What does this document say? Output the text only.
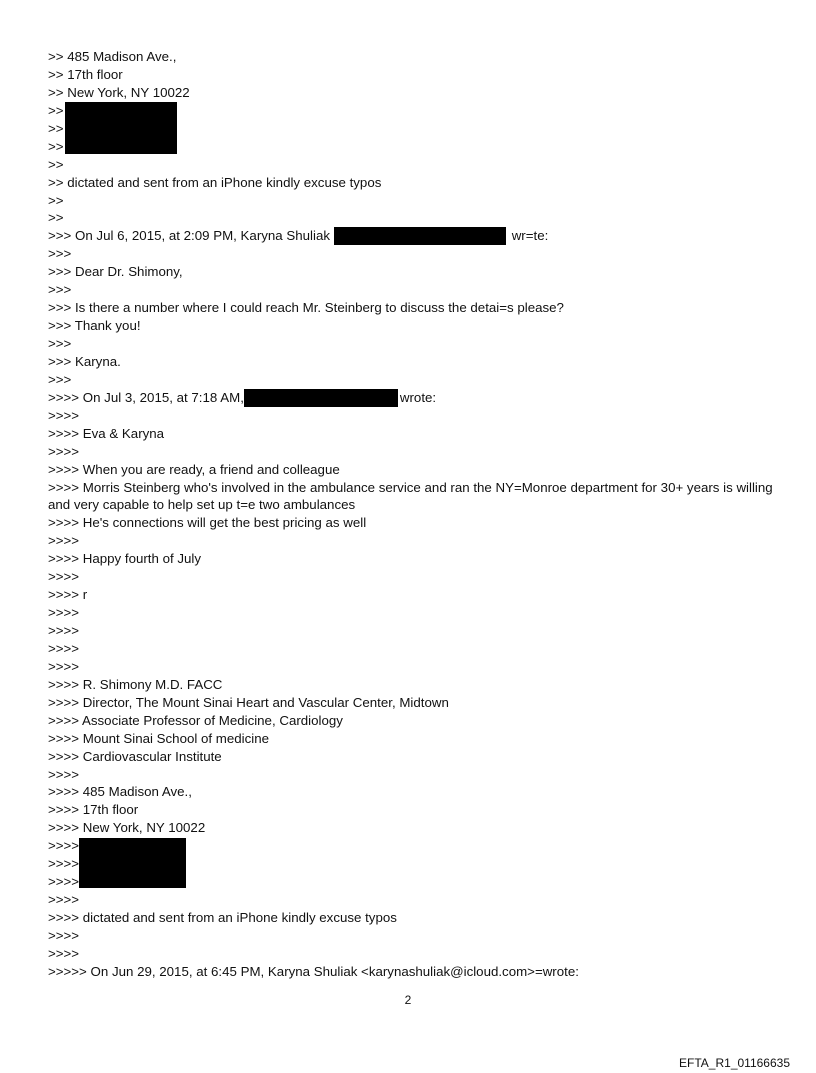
>> 485 Madison Ave.,
>> 17th floor
>> New York, NY 10022
>>
>>
>>
>>
>> dictated and sent from an iPhone kindly excuse typos
>>
>>
>>> On Jul 6, 2015, at 2:09 PM, Karyna Shuliak	wr=te:
>>>
>>> Dear Dr. Shimony,
>>>
>>> Is there a number where I could reach Mr. Steinberg to discuss the detai=s please?
>>> Thank you!
>>>
>>> Karyna.
>>>
>>>> On Jul 3, 2015, at 7:18 AM,	wrote:
>>>>
>>>> Eva & Karyna
>>>>
>>>> When you are ready, a friend and colleague
>>>> Morris Steinberg who's involved in the ambulance service and ran the NY=Monroe department for 30+ years is willing and very capable to help set up t=e two ambulances
>>>> He's connections will get the best pricing as well
>>>>
>>>> Happy fourth of July
>>>>
>>>> r
>>>>
>>>>
>>>>
>>>>
>>>> R. Shimony M.D. FACC
>>>> Director, The Mount Sinai Heart and Vascular Center, Midtown
>>>> Associate Professor of Medicine, Cardiology
>>>> Mount Sinai School of medicine
>>>> Cardiovascular Institute
>>>>
>>>> 485 Madison Ave.,
>>>> 17th floor
>>>> New York, NY 10022
>>>>
>>>>
>>>>
>>>>
>>>> dictated and sent from an iPhone kindly excuse typos
>>>>
>>>>
>>>>> On Jun 29, 2015, at 6:45 PM, Karyna Shuliak <karynashuliak@icloud.com>=wrote:
2
EFTA_R1_01166635
